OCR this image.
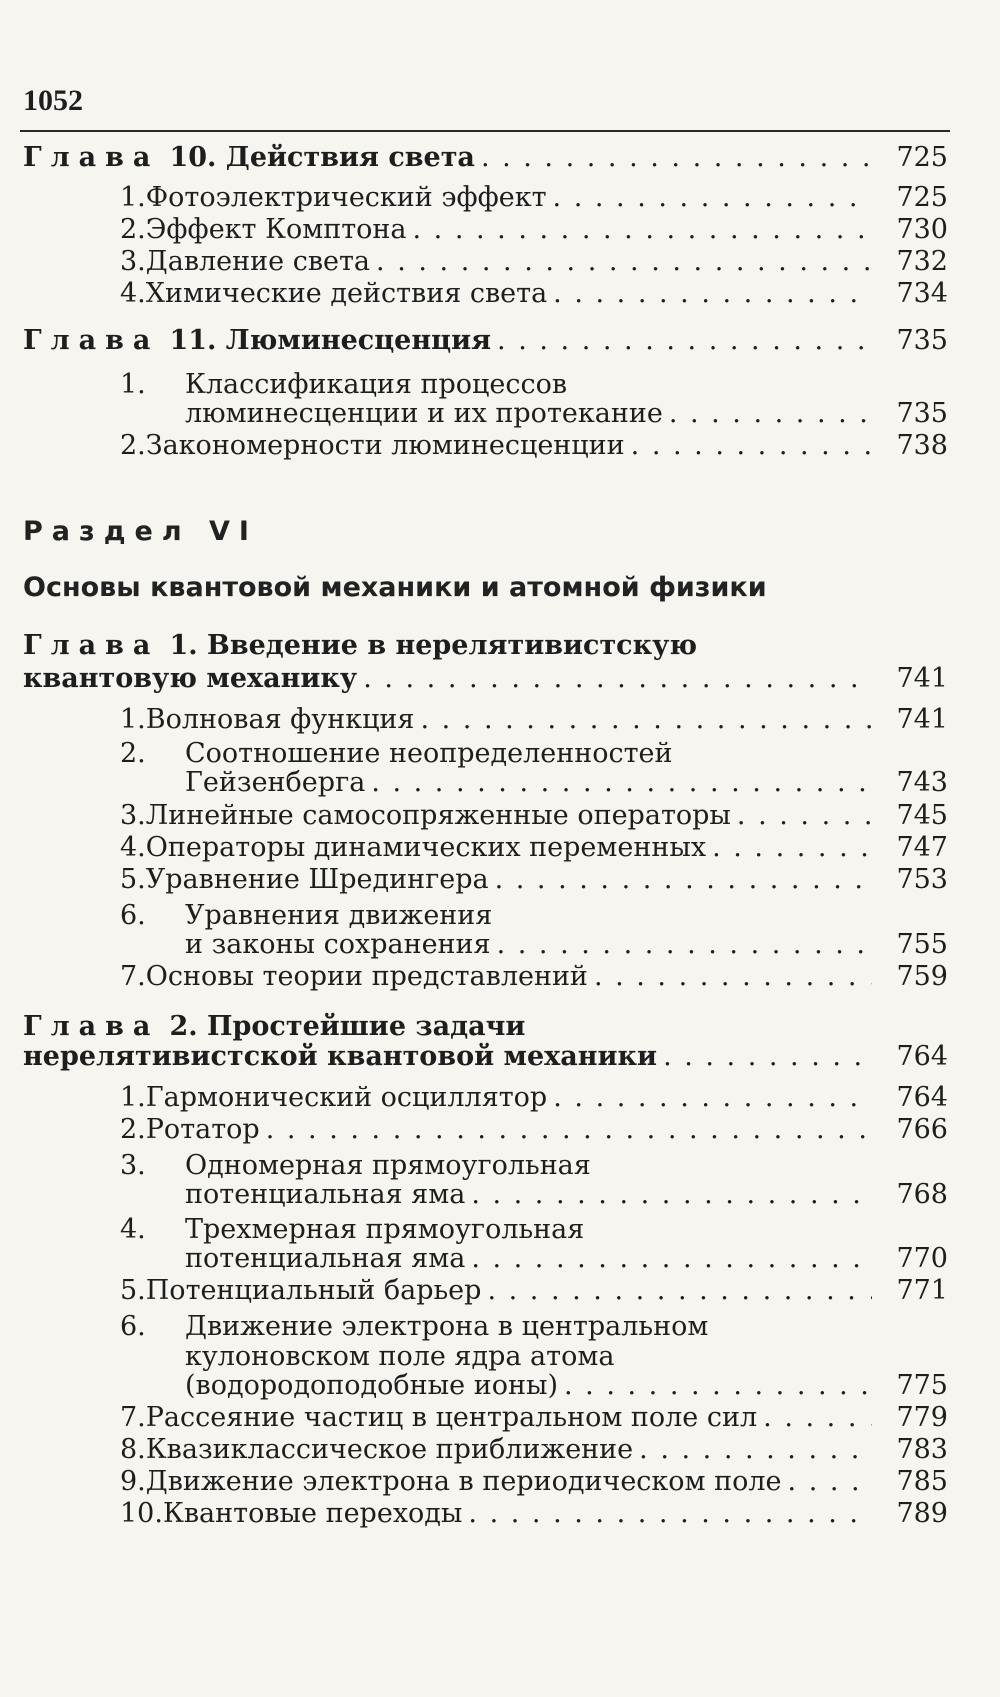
1052
Глава 10. Действия света . . .	725
1. Фотоэлектрический эффект . . .	725
2. Эффект Комптона . . .	730
3. Давление света . . .	732
4. Химические действия света . . .	734
Глава 11. Люминесценция . . .	735
1.	Классификация процессов
люминесценции и их протекание . . .	735
2. Закономерности люминесценции . . .	738
Раздел VI
Основы квантовой механики и атомной физики
Глава 1. Введение в нерелятивистскую
квантовую механику . . .	741
1. Волновая функция . . .	741
2.	Соотношение неопределенностей
Гейзенберга . . .	743
3. Линейные самосопряженные операторы . . .	745
4. Операторы динамических переменных . . .	747
5. Уравнение Шредингера . . .	753
6.	Уравнения движения
и законы сохранения . . .	755
7. Основы теории представлений . . .	759
Глава 2. Простейшие задачи
нерелятивистской квантовой механики . . .	764
1. Гармонический осциллятор . . .	764
2. Ротатор . . .	766
3.	Одномерная прямоугольная
потенциальная яма . . .	768
4.	Трехмерная прямоугольная
потенциальная яма . . .	770
5. Потенциальный барьер . . .	771
6.	Движение электрона в центральном
кулоновском поле ядра атома
(водородоподобные ионы) . . .	775
7. Рассеяние частиц в центральном поле сил . . .	779
8. Квазиклассическое приближение . . .	783
9. Движение электрона в периодическом поле . . .	785
10. Квантовые переходы . . .	789
